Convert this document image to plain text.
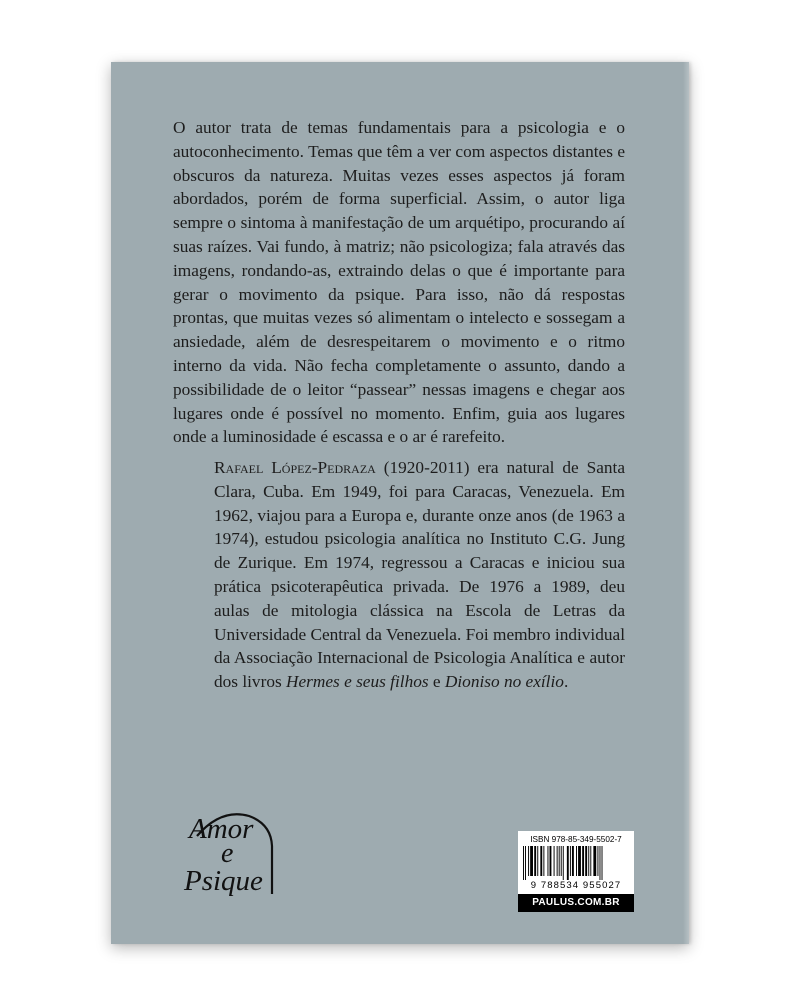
O autor trata de temas fundamentais para a psicologia e o autoconhecimento. Temas que têm a ver com aspectos distantes e obscuros da natureza. Muitas vezes esses aspectos já foram abordados, porém de forma superficial. Assim, o autor liga sempre o sintoma à manifestação de um arquétipo, procurando aí suas raízes. Vai fundo, à matriz; não psicologiza; fala através das imagens, rondando-as, extraindo delas o que é importante para gerar o movimento da psique. Para isso, não dá respostas prontas, que muitas vezes só alimentam o intelecto e sossegam a ansiedade, além de desrespeitarem o movimento e o ritmo interno da vida. Não fecha completamente o assunto, dando a possibilidade de o leitor “passear” nessas imagens e chegar aos lugares onde é possível no momento. Enfim, guia aos lugares onde a luminosidade é escassa e o ar é rarefeito.

Rafael López-Pedraza (1920-2011) era natural de Santa Clara, Cuba. Em 1949, foi para Caracas, Venezuela. Em 1962, viajou para a Europa e, durante onze anos (de 1963 a 1974), estudou psicologia analítica no Instituto C.G. Jung de Zurique. Em 1974, regressou a Caracas e iniciou sua prática psicoterapêutica privada. De 1976 a 1989, deu aulas de mitologia clássica na Escola de Letras da Universidade Central da Venezuela. Foi membro individual da Associação Internacional de Psicologia Analítica e autor dos livros Hermes e seus filhos e Dioniso no exílio.

Amor
e
Psique
ISBN 978-85-349-5502-7
9 788534 955027
PAULUS.COM.BR
